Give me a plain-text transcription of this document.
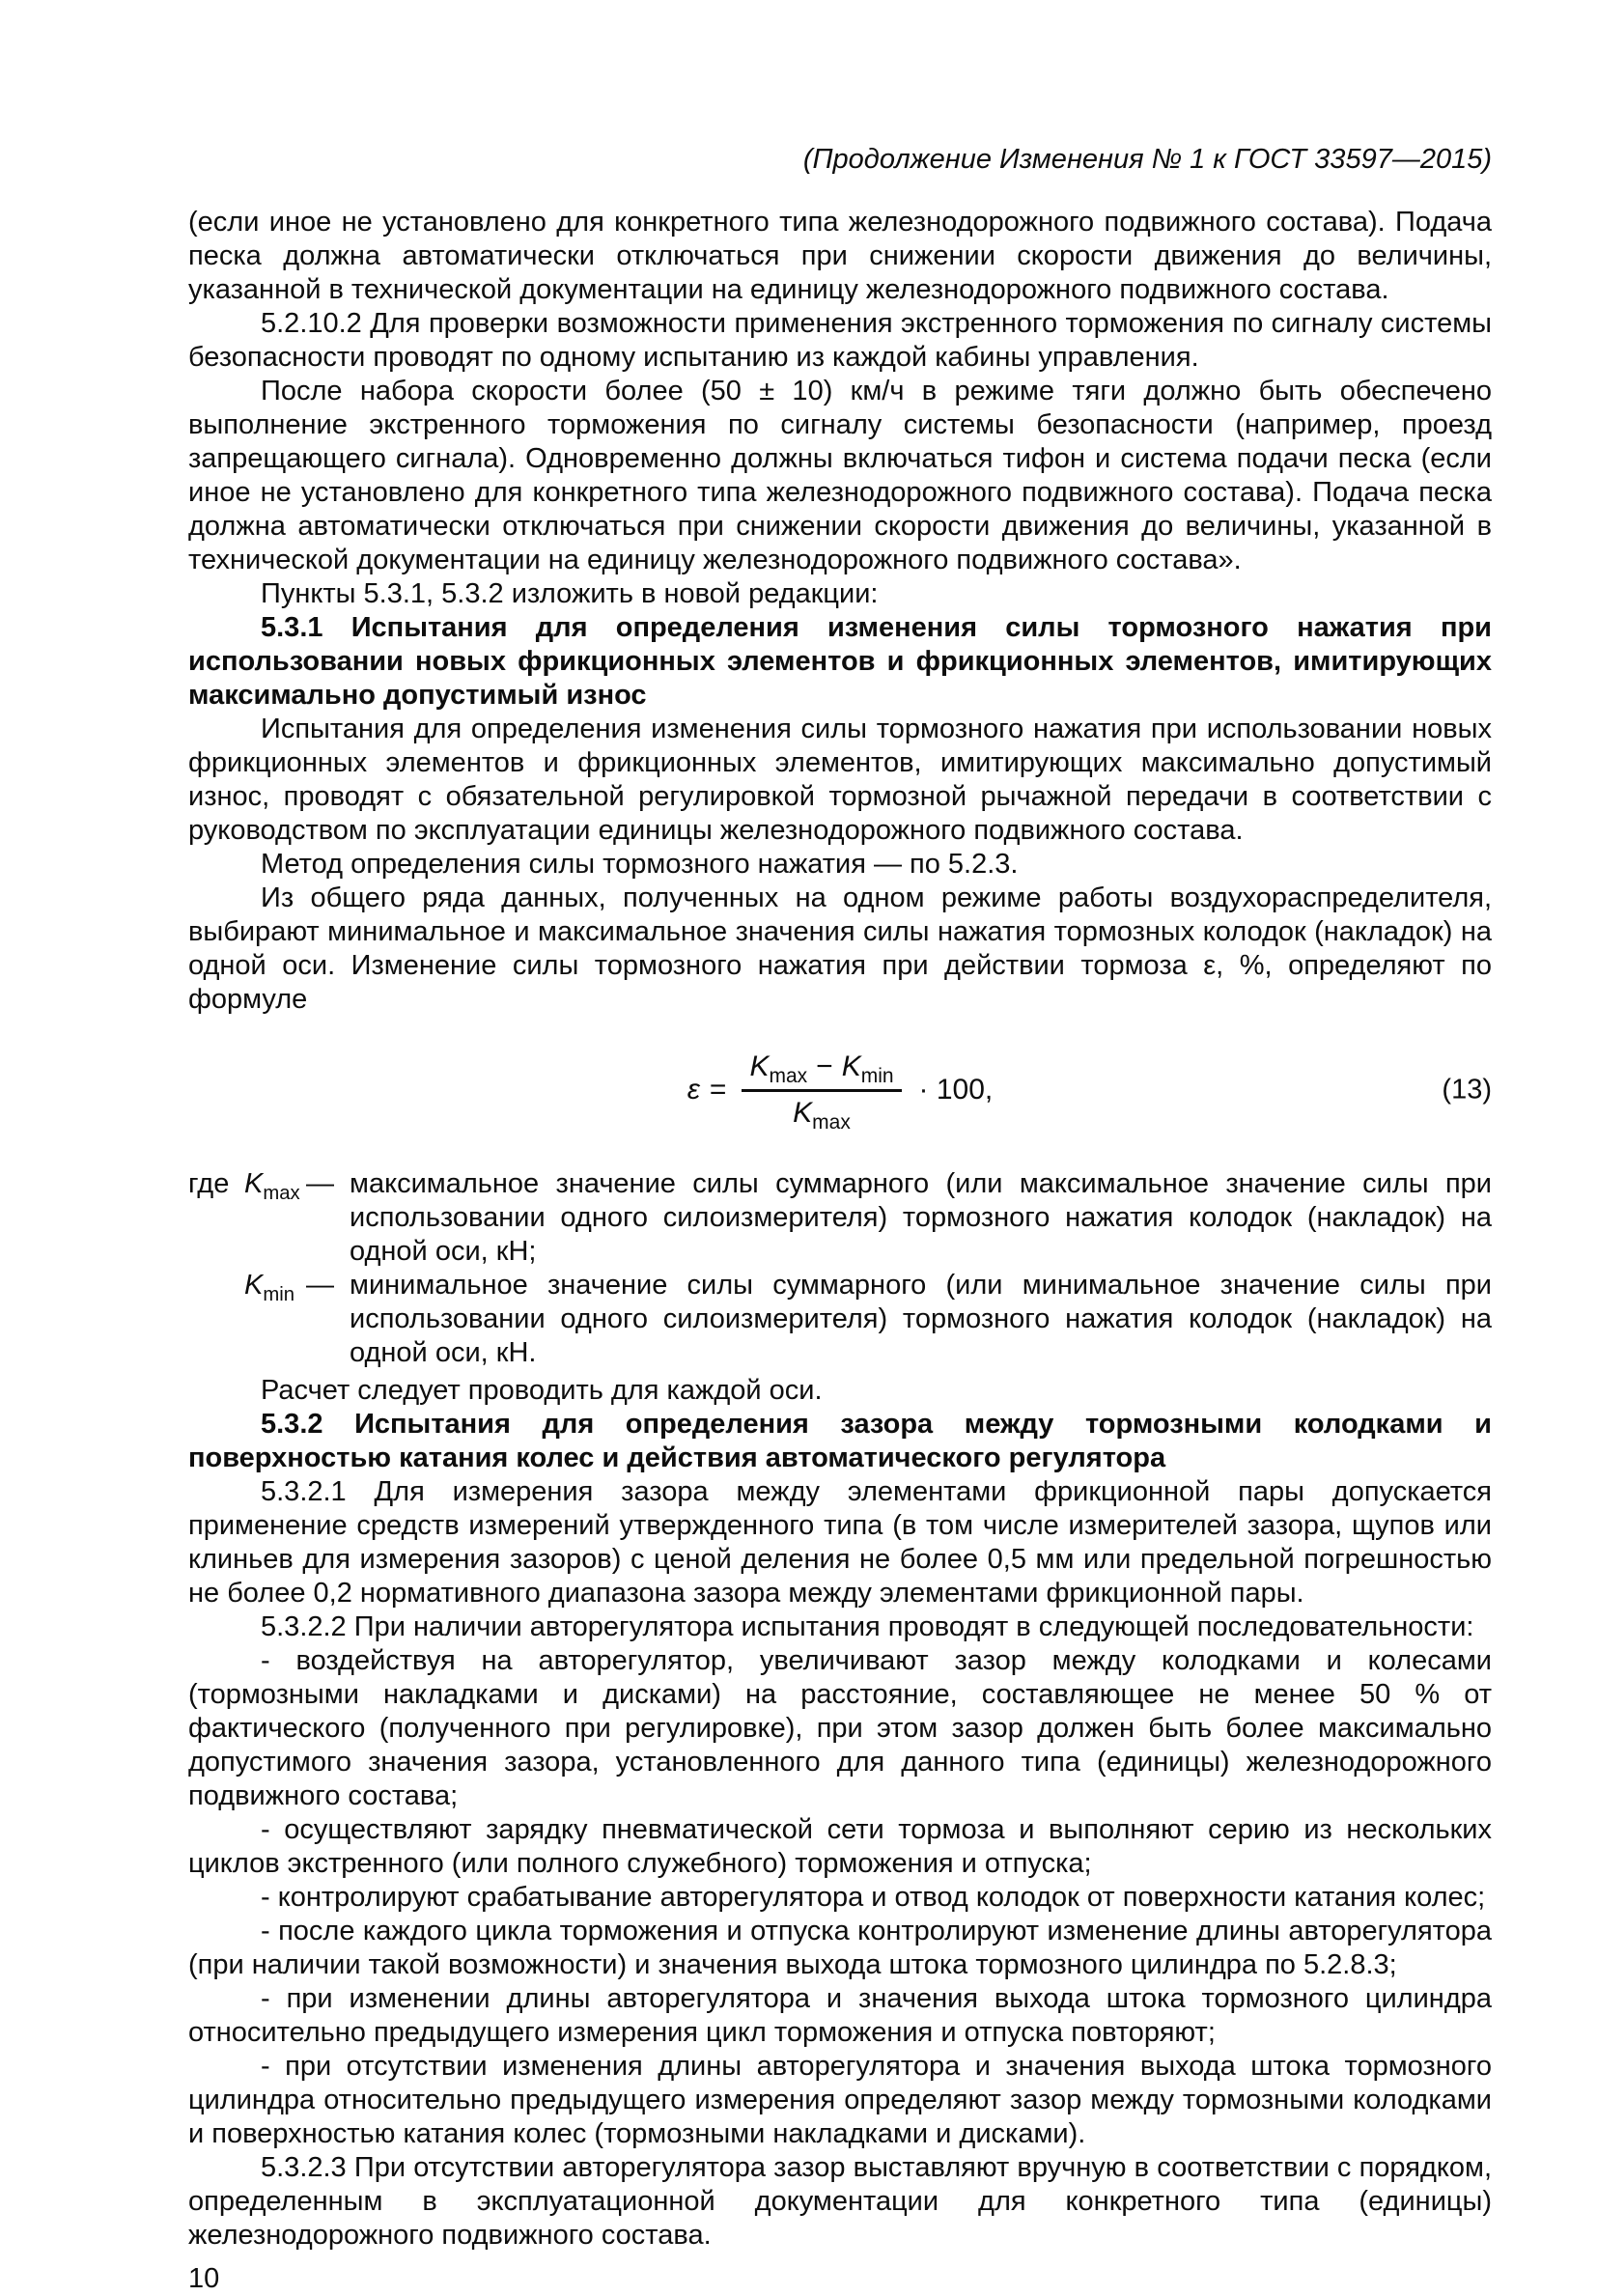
(Продолжение Изменения № 1 к ГОСТ 33597—2015)

(если иное не установлено для конкретного типа железнодорожного подвижного состава). Подача песка должна автоматически отключаться при снижении скорости движения до величины, указанной в технической документации на единицу железнодорожного подвижного состава.

5.2.10.2 Для проверки возможности применения экстренного торможения по сигналу системы безопасности проводят по одному испытанию из каждой кабины управления.

После набора скорости более (50 ± 10) км/ч в режиме тяги должно быть обеспечено выполнение экстренного торможения по сигналу системы безопасности (например, проезд запрещающего сигнала). Одновременно должны включаться тифон и система подачи песка (если иное не установлено для конкретного типа железнодорожного подвижного состава). Подача песка должна автоматически отключаться при снижении скорости движения до величины, указанной в технической документации на единицу железнодорожного подвижного состава».

Пункты 5.3.1, 5.3.2 изложить в новой редакции:

5.3.1 Испытания для определения изменения силы тормозного нажатия при использовании новых фрикционных элементов и фрикционных элементов, имитирующих максимально допустимый износ

Испытания для определения изменения силы тормозного нажатия при использовании новых фрикционных элементов и фрикционных элементов, имитирующих максимально допустимый износ, проводят с обязательной регулировкой тормозной рычажной передачи в соответствии с руководством по эксплуатации единицы железнодорожного подвижного состава.

Метод определения силы тормозного нажатия — по 5.2.3.

Из общего ряда данных, полученных на одном режиме работы воздухораспределителя, выбирают минимальное и максимальное значения силы нажатия тормозных колодок (накладок) на одной оси. Изменение силы тормозного нажатия при действии тормоза ε, %, определяют по формуле

$\varepsilon = \frac{K_{max} - K_{min}}{K_{max}} \cdot 100$,	(13)
где $K_{max}$ — максимальное значение силы суммарного (или максимальное значение силы при использовании одного силоизмерителя) тормозного нажатия колодок (накладок) на одной оси, кН;
$K_{min}$ — минимальное значение силы суммарного (или минимальное значение силы при использовании одного силоизмерителя) тормозного нажатия колодок (накладок) на одной оси, кН.

Расчет следует проводить для каждой оси.

5.3.2 Испытания для определения зазора между тормозными колодками и поверхностью катания колес и действия автоматического регулятора

5.3.2.1 Для измерения зазора между элементами фрикционной пары допускается применение средств измерений утвержденного типа (в том числе измерителей зазора, щупов или клиньев для измерения зазоров) с ценой деления не более 0,5 мм или предельной погрешностью не более 0,2 нормативного диапазона зазора между элементами фрикционной пары.

5.3.2.2 При наличии авторегулятора испытания проводят в следующей последовательности:

- воздействуя на авторегулятор, увеличивают зазор между колодками и колесами (тормозными накладками и дисками) на расстояние, составляющее не менее 50 % от фактического (полученного при регулировке), при этом зазор должен быть более максимально допустимого значения зазора, установленного для данного типа (единицы) железнодорожного подвижного состава;

- осуществляют зарядку пневматической сети тормоза и выполняют серию из нескольких циклов экстренного (или полного служебного) торможения и отпуска;

- контролируют срабатывание авторегулятора и отвод колодок от поверхности катания колес;

- после каждого цикла торможения и отпуска контролируют изменение длины авторегулятора (при наличии такой возможности) и значения выхода штока тормозного цилиндра по 5.2.8.3;

- при изменении длины авторегулятора и значения выхода штока тормозного цилиндра относительно предыдущего измерения цикл торможения и отпуска повторяют;

- при отсутствии изменения длины авторегулятора и значения выхода штока тормозного цилиндра относительно предыдущего измерения определяют зазор между тормозными колодками и поверхностью катания колес (тормозными накладками и дисками).

5.3.2.3 При отсутствии авторегулятора зазор выставляют вручную в соответствии с порядком, определенным в эксплуатационной документации для конкретного типа (единицы) железнодорожного подвижного состава.

10
